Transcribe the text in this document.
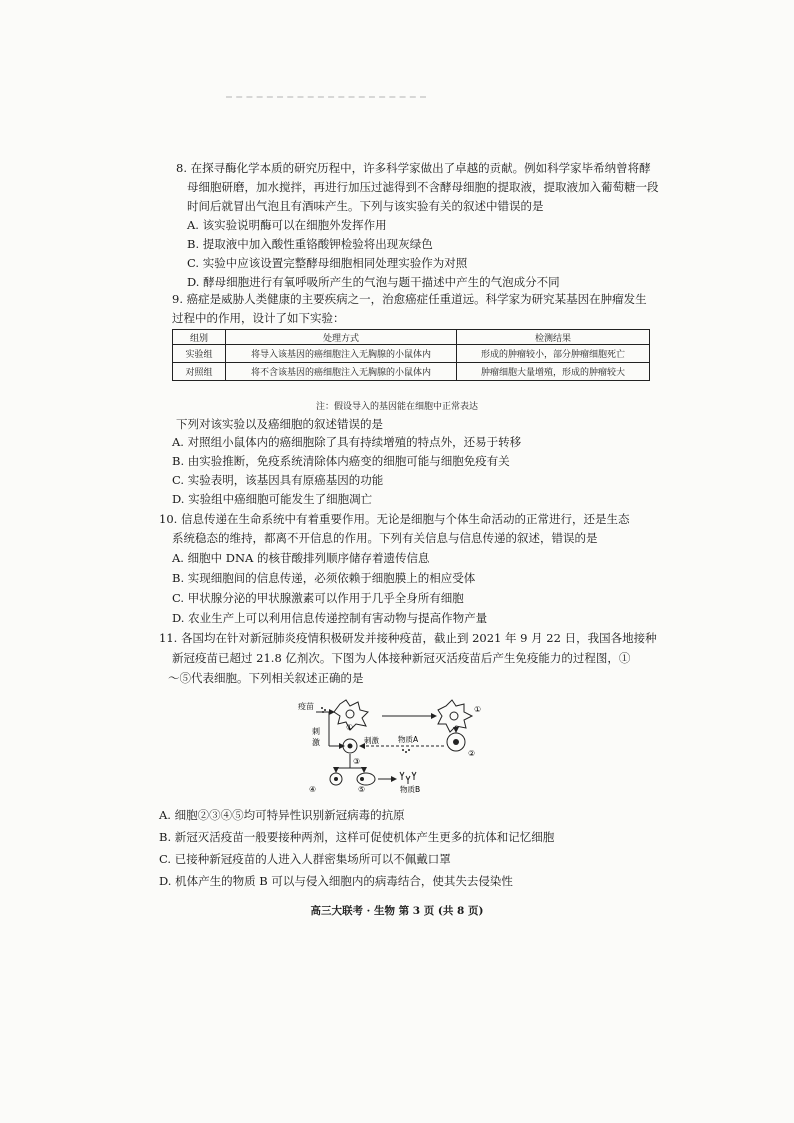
8. 在探寻酶化学本质的研究历程中，许多科学家做出了卓越的贡献。例如科学家毕希纳曾将酵
母细胞研磨，加水搅拌，再进行加压过滤得到不含酵母细胞的提取液，提取液加入葡萄糖一段
时间后就冒出气泡且有酒味产生。下列与该实验有关的叙述中错误的是
A. 该实验说明酶可以在细胞外发挥作用
B. 提取液中加入酸性重铬酸钾检验将出现灰绿色
C. 实验中应该设置完整酵母细胞相同处理实验作为对照
D. 酵母细胞进行有氧呼吸所产生的气泡与题干描述中产生的气泡成分不同
9. 癌症是威胁人类健康的主要疾病之一，治愈癌症任重道远。科学家为研究某基因在肿瘤发生
过程中的作用，设计了如下实验：
组别	处理方式	检测结果
实验组	将导入该基因的癌细胞注入无胸腺的小鼠体内	形成的肿瘤较小，部分肿瘤细胞死亡
对照组	将不含该基因的癌细胞注入无胸腺的小鼠体内	肿瘤细胞大量增殖，形成的肿瘤较大
注：假设导入的基因能在细胞中正常表达
下列对该实验以及癌细胞的叙述错误的是
A. 对照组小鼠体内的癌细胞除了具有持续增殖的特点外，还易于转移
B. 由实验推断，免疫系统清除体内癌变的细胞可能与细胞免疫有关
C. 实验表明，该基因具有原癌基因的功能
D. 实验组中癌细胞可能发生了细胞凋亡
10. 信息传递在生命系统中有着重要作用。无论是细胞与个体生命活动的正常进行，还是生态
系统稳态的维持，都离不开信息的作用。下列有关信息与信息传递的叙述，错误的是
A. 细胞中 DNA 的核苷酸排列顺序储存着遗传信息
B. 实现细胞间的信息传递，必须依赖于细胞膜上的相应受体
C. 甲状腺分泌的甲状腺激素可以作用于几乎全身所有细胞
D. 农业生产上可以利用信息传递控制有害动物与提高作物产量
11. 各国均在针对新冠肺炎疫情积极研发并接种疫苗，截止到 2021 年 9 月 22 日，我国各地接种
新冠疫苗已超过 21.8 亿剂次。下图为人体接种新冠灭活疫苗后产生免疫能力的过程图，①
～⑤代表细胞。下列相关叙述正确的是
疫苗
①
①
刺
激
②
物质A
刺激
③
④	⑤	物质B
A. 细胞②③④⑤均可特异性识别新冠病毒的抗原
B. 新冠灭活疫苗一般要接种两剂，这样可促使机体产生更多的抗体和记忆细胞
C. 已接种新冠疫苗的人进入人群密集场所可以不佩戴口罩
D. 机体产生的物质 B 可以与侵入细胞内的病毒结合，使其失去侵染性
高三大联考 · 生物 第 3 页 (共 8 页)
